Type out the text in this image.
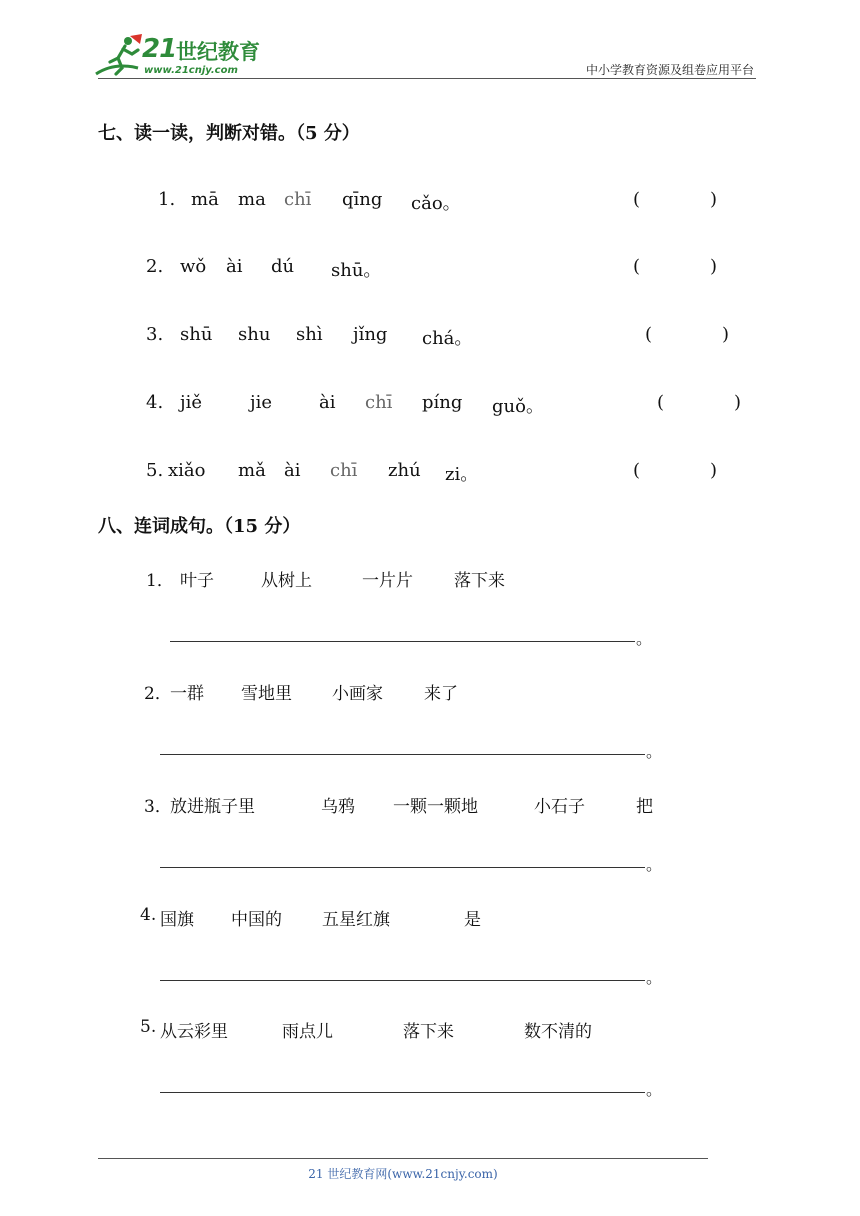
21 世纪教育
www.21cnjy.com	中小学教育资源及组卷应用平台
七、读一读，判断对错。（5 分）
1. mā ma chī qīng cǎo。	(	)
2. wǒ ài dú shū。	(	)
3. shū shu shì jǐng chá。	(	)
4. jiě	jie	ài chī píng guǒ。	(	)
5. xiǎo mǎ ài chī zhú zi。	(	)
八、连词成句。（15 分）
1． 叶子	从树上	一片片 落下来
。
2．
一群 雪地里 小画家 来了
。
3．
放进瓶子里	乌鸦 一颗一颗地	小石子	把
。
4. 国旗 中国的 五星红旗	是
。
5. 从云彩里	雨点儿	落下来	数不清的
。
21 世纪教育网(www.21cnjy.com)
